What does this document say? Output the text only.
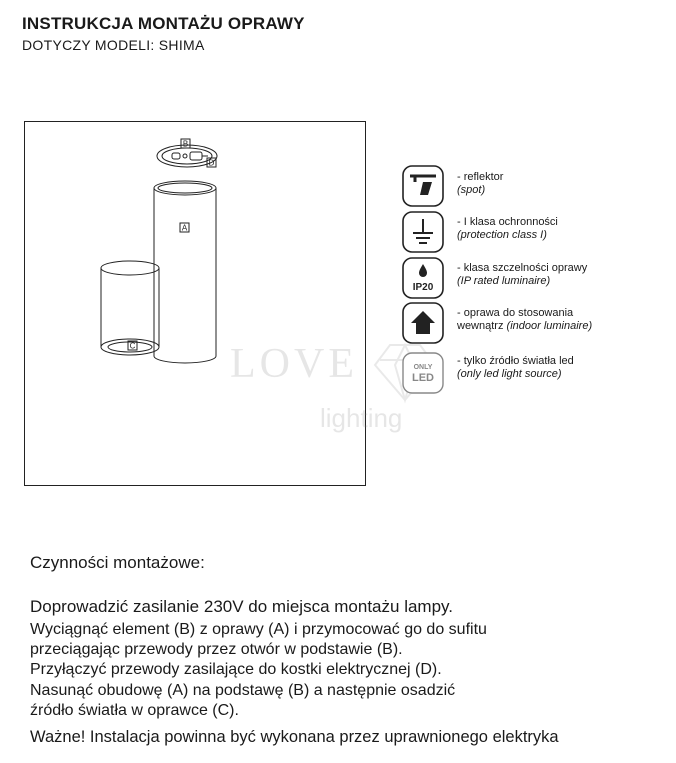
INSTRUKCJA MONTAŻU OPRAWY
DOTYCZY MODELI: SHIMA
B
D
A
C LOVE
lighting
IP20
ONLY
LED
- reflektor
(spot)
- I klasa ochronności
(protection class I)
- klasa szczelności oprawy
(IP rated luminaire)
- oprawa do stosowania
wewnątrz (indoor luminaire)
- tylko źródło światła led
(only led light source)
Czynności montażowe:
Doprowadzić zasilanie 230V do miejsca montażu lampy.
Wyciągnąć element (B) z oprawy (A) i przymocować go do sufitu
przeciągając przewody przez otwór w podstawie (B).
Przyłączyć przewody zasilające do kostki elektrycznej (D).
Nasunąć obudowę (A) na podstawę (B) a następnie osadzić
źródło światła w oprawce (C).
Ważne! Instalacja powinna być wykonana przez uprawnionego elektryka
